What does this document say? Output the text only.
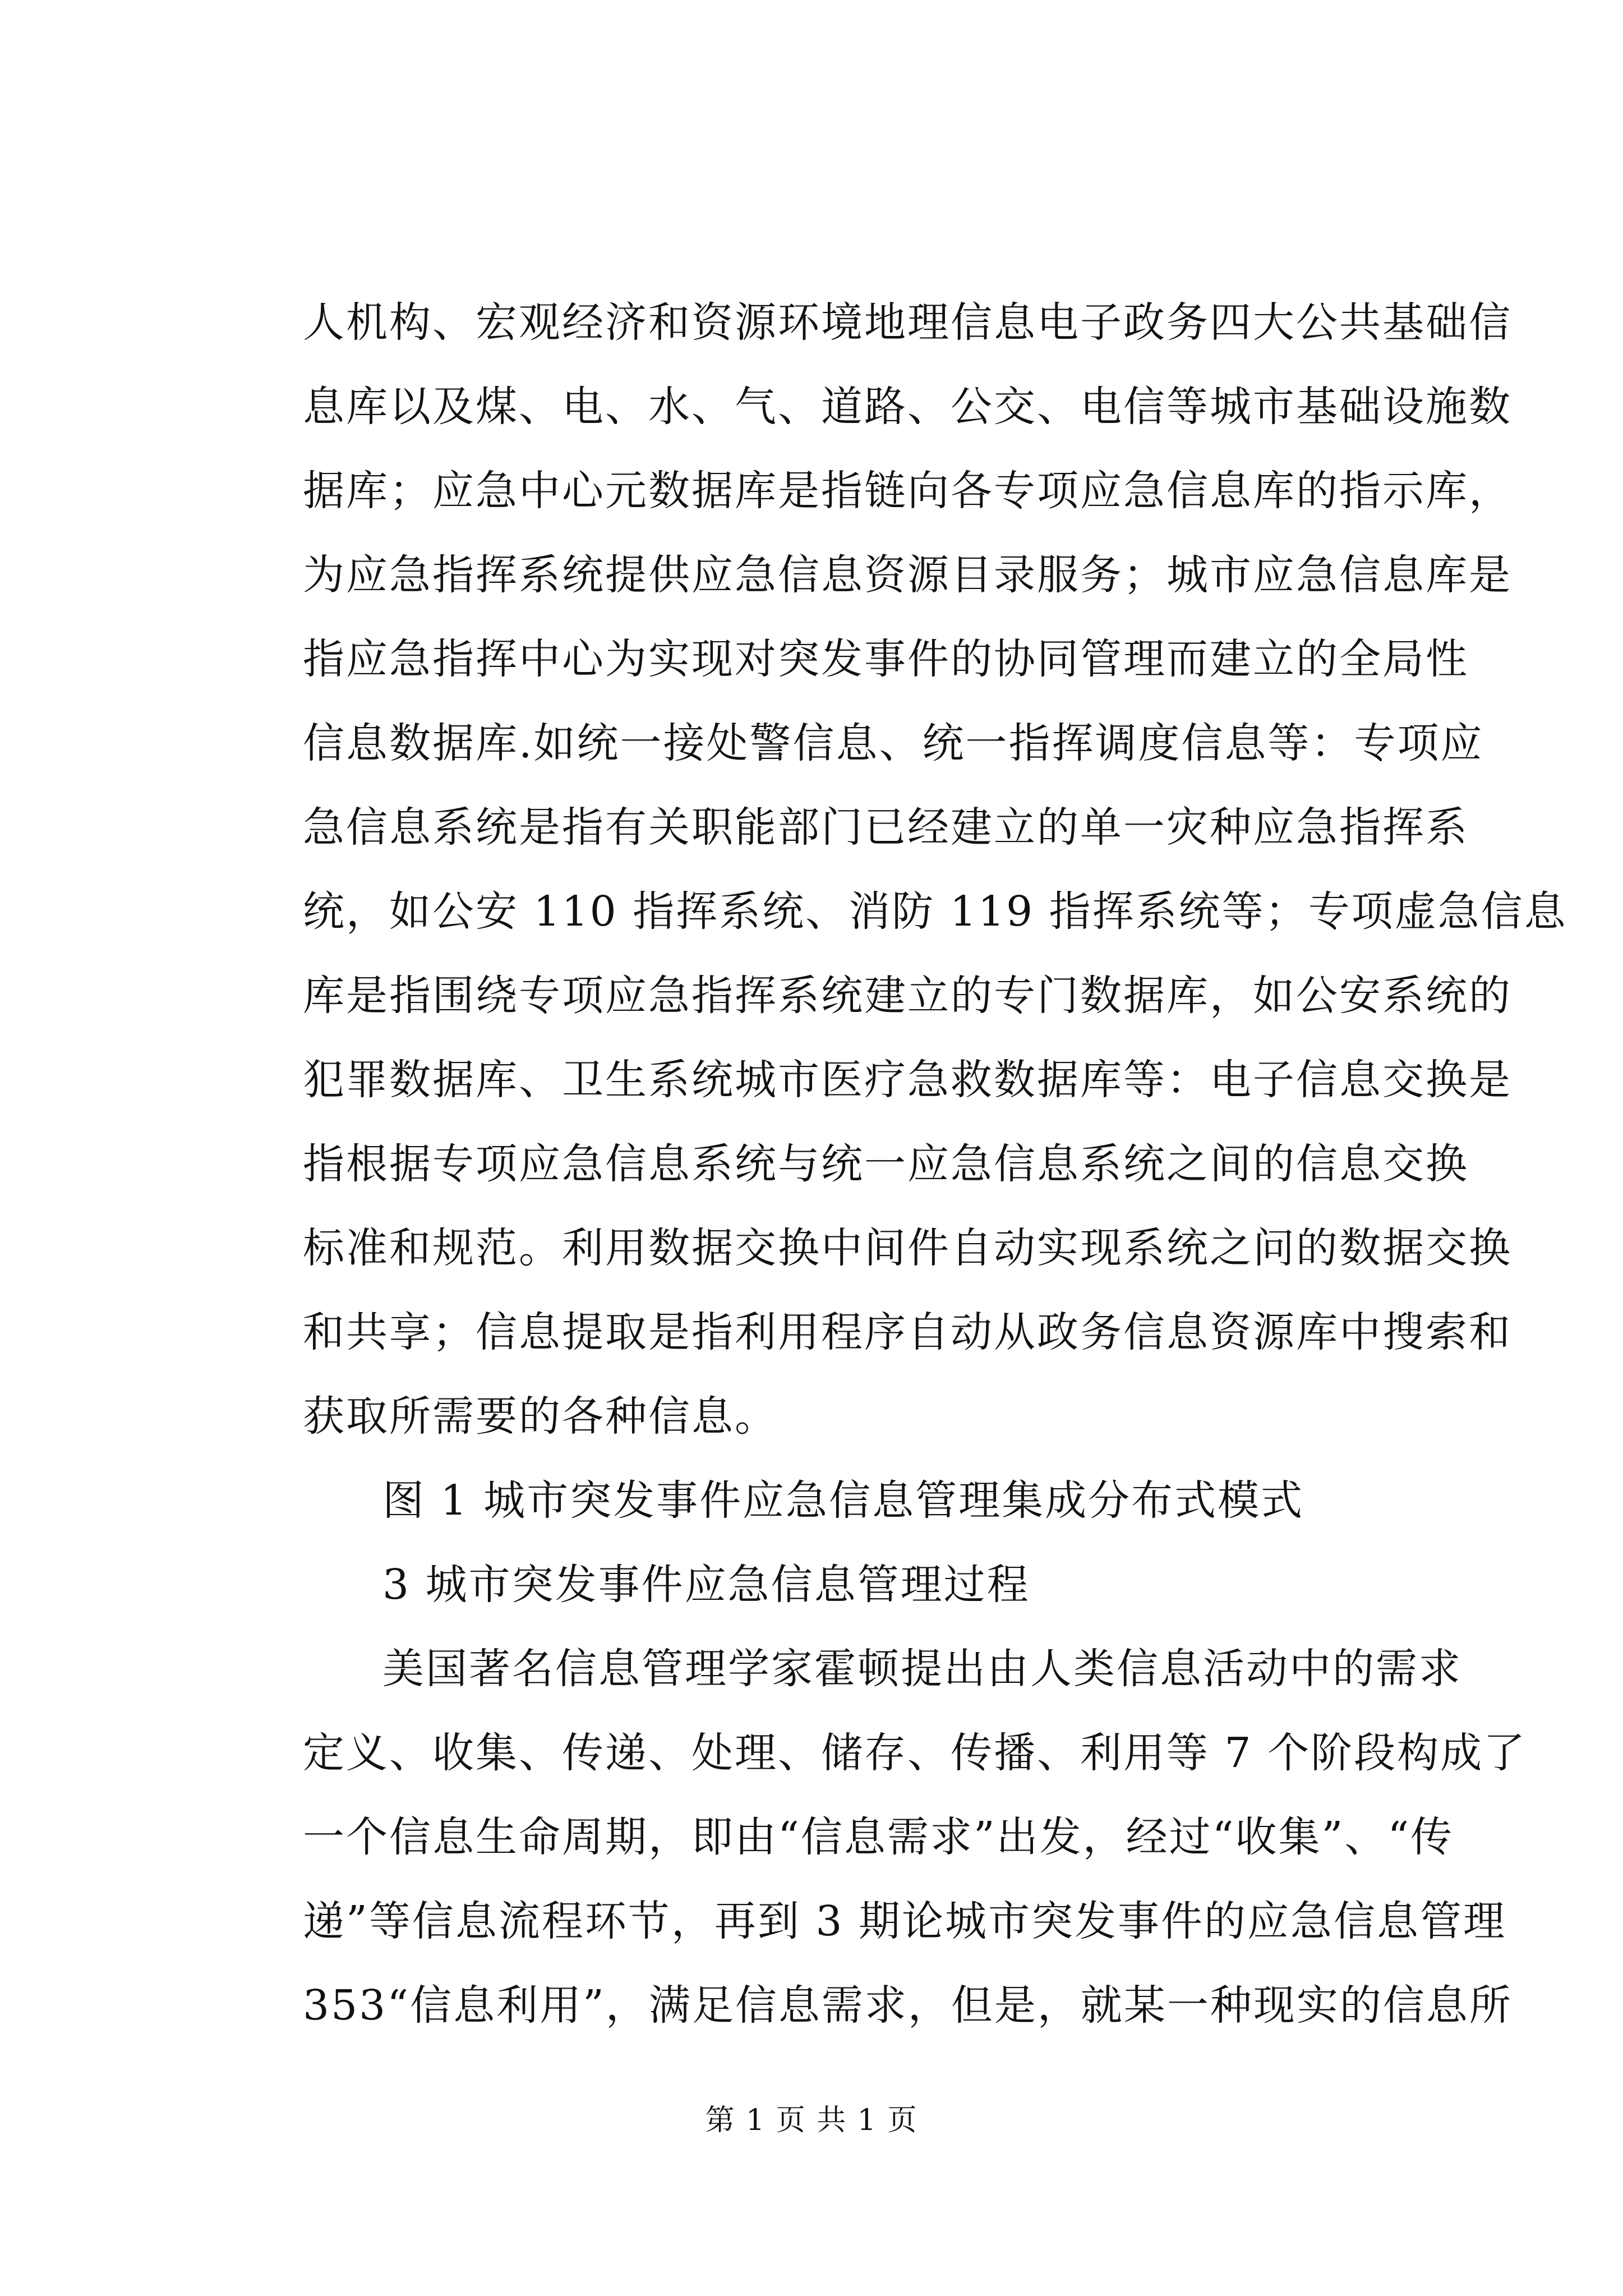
人机构、宏观经济和资源环境地理信息电子政务四大公共基础信
息库以及煤、电、水、气、道路、公交、电信等城市基础设施数
据库；应急中心元数据库是指链向各专项应急信息库的指示库，
为应急指挥系统提供应急信息资源目录服务；城市应急信息库是
指应急指挥中心为实现对突发事件的协同管理而建立的全局性
信息数据库.如统一接处警信息、统一指挥调度信息等：专项应
急信息系统是指有关职能部门已经建立的单一灾种应急指挥系
统，如公安 110 指挥系统、消防 119 指挥系统等；专项虚急信息
库是指围绕专项应急指挥系统建立的专门数据库，如公安系统的
犯罪数据库、卫生系统城市医疗急救数据库等：电子信息交换是
指根据专项应急信息系统与统一应急信息系统之间的信息交换
标准和规范。利用数据交换中间件自动实现系统之问的数据交换
和共享；信息提取是指利用程序自动从政务信息资源库中搜索和
获取所需要的各种信息。
图 1 城市突发事件应急信息管理集成分布式模式
3 城市突发事件应急信息管理过程
美国著名信息管理学家霍顿提出由人类信息活动中的需求
定义、收集、传递、处理、储存、传播、利用等 7 个阶段构成了
一个信息生命周期，即由“信息需求”出发，经过“收集”、“传
递”等信息流程环节，再到 3 期论城市突发事件的应急信息管理
353“信息利用”，满足信息需求，但是，就某一种现实的信息所
第 1 页 共 1 页
